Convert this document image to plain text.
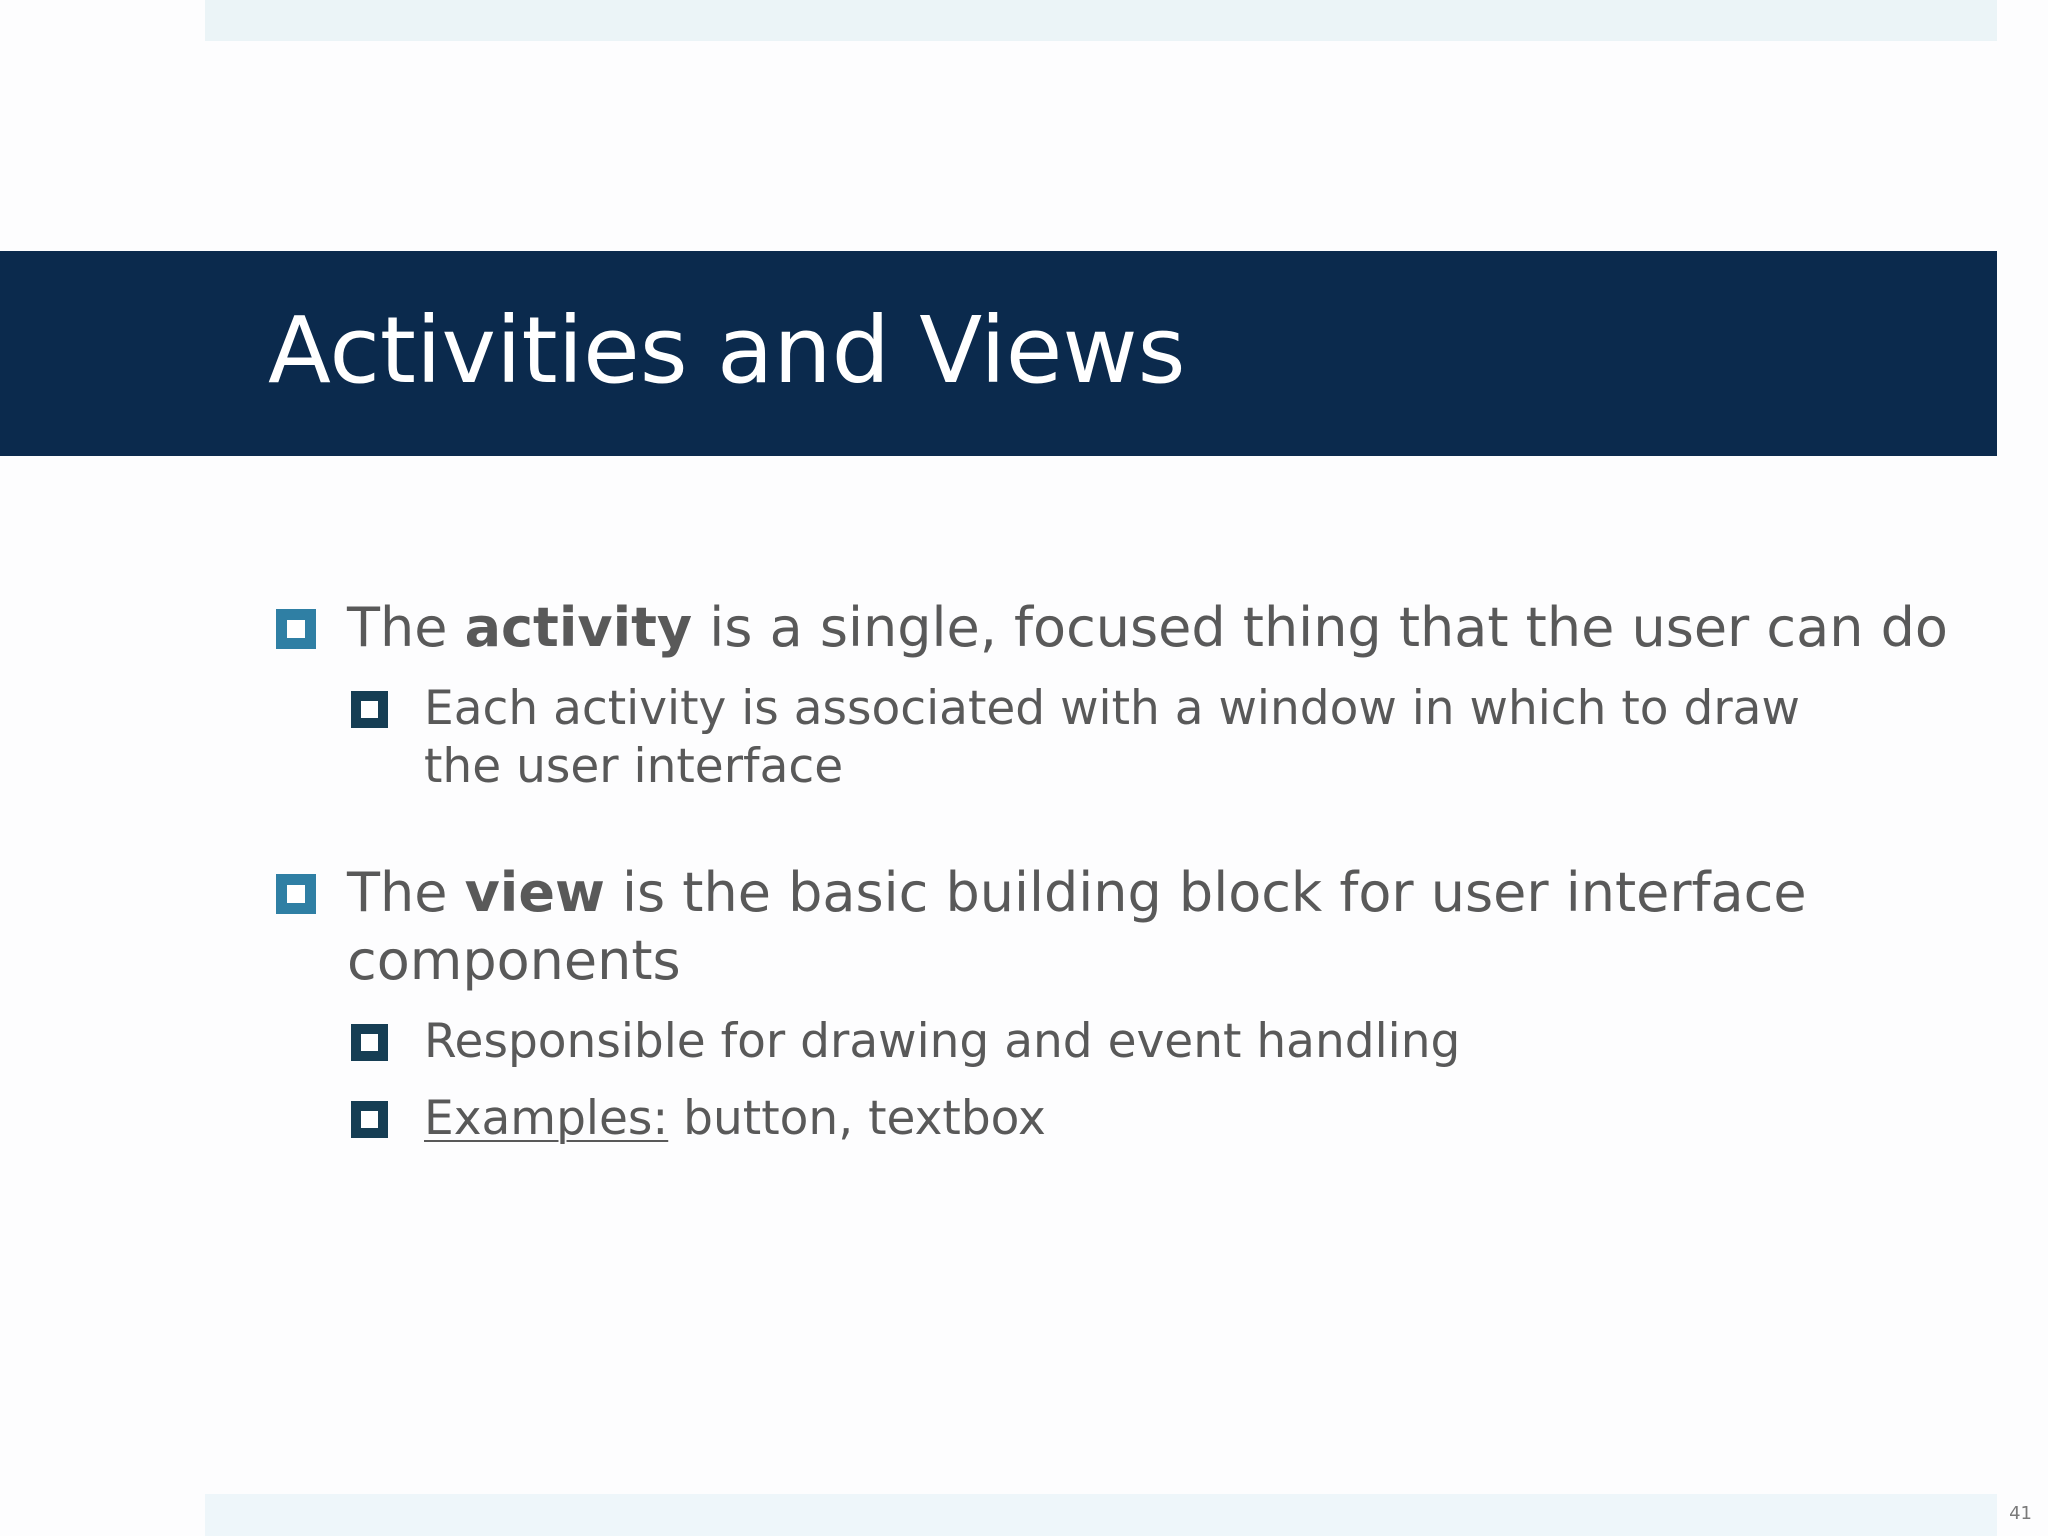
Activities and Views
The activity is a single, focused thing that the user can do
Each activity is associated with a window in which to draw
the user interface
The view is the basic building block for user interface
components
Responsible for drawing and event handling
Examples: button, textbox
41
